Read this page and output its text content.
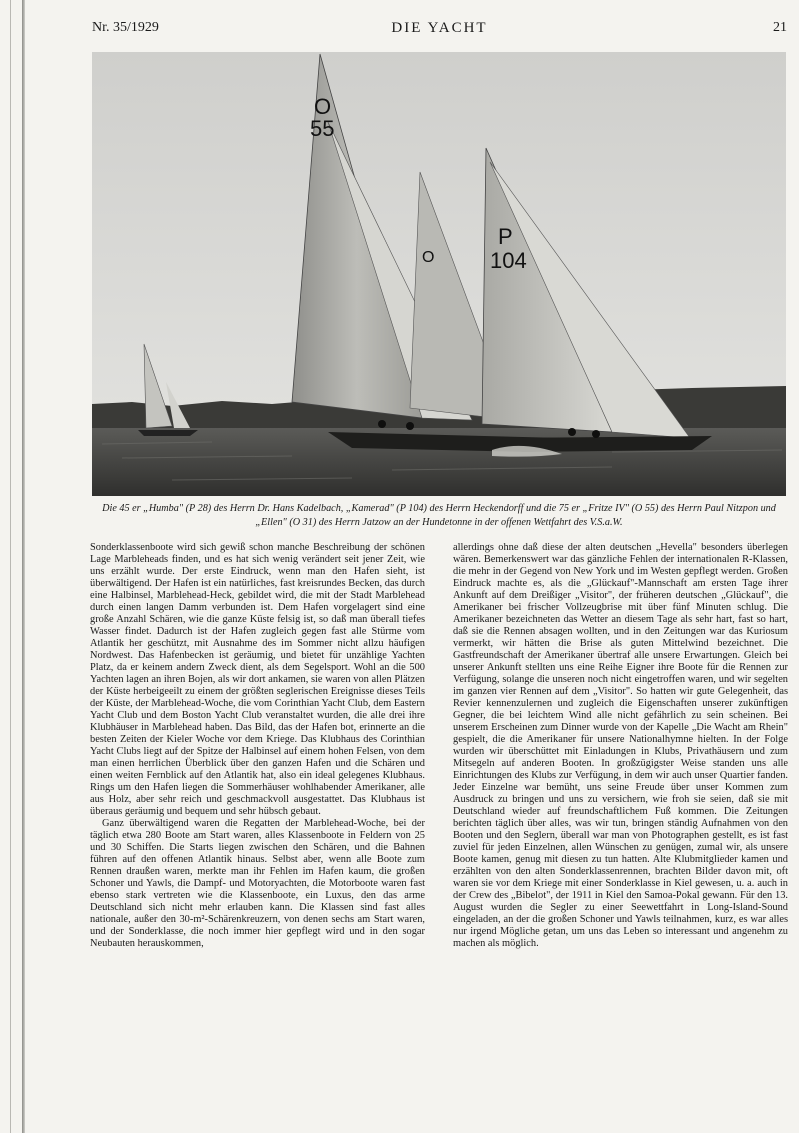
Nr. 35/1929	DIE YACHT	21
O
55
O
P
104
Die 45 er „Humba" (P 28) des Herrn Dr. Hans Kadelbach, „Kamerad" (P 104) des Herrn Heckendorff und die 75 er „Fritze IV" (O 55) des Herrn Paul Nitzpon und „Ellen" (O 31) des Herrn Jatzow an der Hundetonne in der offenen Wettfahrt des V.S.a.W.

Sonderklassenboote wird sich gewiß schon manche Beschreibung der schönen Lage Marbleheads finden, und es hat sich wenig verändert seit jener Zeit, wie uns erzählt wurde. Der erste Eindruck, wenn man den Hafen sieht, ist überwältigend. Der Hafen ist ein natürliches, fast kreisrundes Becken, das durch eine Halbinsel, Marblehead-Heck, gebildet wird, die mit der Stadt Marblehead durch einen langen Damm verbunden ist. Dem Hafen vorgelagert sind eine große Anzahl Schären, wie die ganze Küste felsig ist, so daß man überall tiefes Wasser findet. Dadurch ist der Hafen zugleich gegen fast alle Stürme vom Atlantik her geschützt, mit Ausnahme des im Sommer nicht allzu häufigen Nordwest. Das Hafenbecken ist geräumig, und bietet für unzählige Yachten Platz, da er keinem andern Zweck dient, als dem Segelsport. Wohl an die 500 Yachten lagen an ihren Bojen, als wir dort ankamen, sie waren von allen Plätzen der Küste herbeigeeilt zu einem der größten seglerischen Ereignisse dieses Teils der Küste, der Marblehead-Woche, die vom Corinthian Yacht Club, dem Eastern Yacht Club und dem Boston Yacht Club veranstaltet wurden, die alle drei ihre Klubhäuser in Marblehead haben. Das Bild, das der Hafen bot, erinnerte an die besten Zeiten der Kieler Woche vor dem Kriege. Das Klubhaus des Corinthian Yacht Clubs liegt auf der Spitze der Halbinsel auf einem hohen Felsen, von dem man einen herrlichen Überblick über den ganzen Hafen und die Schären und einen weiten Fernblick auf den Atlantik hat, also ein ideal gelegenes Klubhaus. Rings um den Hafen liegen die Sommerhäuser wohlhabender Amerikaner, alle aus Holz, aber sehr reich und geschmackvoll ausgestattet. Das Klubhaus ist überaus geräumig und bequem und sehr hübsch gebaut.

Ganz überwältigend waren die Regatten der Marblehead-Woche, bei der täglich etwa 280 Boote am Start waren, alles Klassenboote in Feldern von 25 und 30 Schiffen. Die Starts liegen zwischen den Schären, und die Bahnen führen auf den offenen Atlantik hinaus. Selbst aber, wenn alle Boote zum Rennen draußen waren, merkte man ihr Fehlen im Hafen kaum, die großen Schoner und Yawls, die Dampf- und Motoryachten, die Motorboote waren fast ebenso stark vertreten wie die Klassenboote, ein Luxus, den das arme Deutschland sich nicht mehr erlauben kann. Die Klassen sind fast alles nationale, außer den 30-m²-Schärenkreuzern, von denen sechs am Start waren, und der Sonderklasse, die noch immer hier gepflegt wird und in den sogar Neubauten herauskommen,

allerdings ohne daß diese der alten deutschen „Hevella" besonders überlegen wären. Bemerkenswert war das gänzliche Fehlen der internationalen R-Klassen, die mehr in der Gegend von New York und im Westen gepflegt werden. Großen Eindruck machte es, als die „Glückauf"-Mannschaft am ersten Tage ihrer Ankunft auf dem Dreißiger „Visitor", der früheren deutschen „Glückauf", die Amerikaner bei frischer Vollzeugbrise mit über fünf Minuten schlug. Die Amerikaner bezeichneten das Wetter an diesem Tage als sehr hart, fast so hart, daß sie die Rennen absagen wollten, und in den Zeitungen war das Kuriosum vermerkt, wir hätten die Brise als guten Mittelwind bezeichnet. Die Gastfreundschaft der Amerikaner übertraf alle unsere Erwartungen. Gleich bei unserer Ankunft stellten uns eine Reihe Eigner ihre Boote für die Rennen zur Verfügung, solange die unseren noch nicht eingetroffen waren, und wir segelten im ganzen vier Rennen auf dem „Visitor". So hatten wir gute Gelegenheit, das Revier kennenzulernen und zugleich die Eigenschaften unserer zukünftigen Gegner, die bei leichtem Wind alle nicht gefährlich zu sein scheinen. Bei unserem Erscheinen zum Dinner wurde von der Kapelle „Die Wacht am Rhein" gespielt, die die Amerikaner für unsere Nationalhymne hielten. In der Folge wurden wir überschüttet mit Einladungen in Klubs, Privathäusern und zum Mitsegeln auf anderen Booten. In großzügigster Weise standen uns alle Einrichtungen des Klubs zur Verfügung, in dem wir auch unser Quartier fanden. Jeder Einzelne war bemüht, uns seine Freude über unser Kommen zum Ausdruck zu bringen und uns zu versichern, wie froh sie seien, daß sie mit Deutschland wieder auf freundschaftlichem Fuß kommen. Die Zeitungen berichten täglich über alles, was wir tun, bringen ständig Aufnahmen von den Booten und den Seglern, überall war man von Photographen gestellt, es ist fast zuviel für jeden Einzelnen, allen Wünschen zu genügen, zumal wir, als unsere Boote kamen, genug mit diesen zu tun hatten. Alte Klubmitglieder kamen und erzählten von den alten Sonderklassenrennen, brachten Bilder davon mit, oft waren sie vor dem Kriege mit einer Sonderklasse in Kiel gewesen, u. a. auch in der Crew des „Bibelot", der 1911 in Kiel den Samoa-Pokal gewann. Für den 13. August wurden die Segler zu einer Seewettfahrt in Long-Island-Sound eingeladen, an der die großen Schoner und Yawls teilnahmen, kurz, es war alles nur irgend Mögliche getan, um uns das Leben so interessant und angenehm zu machen als möglich.
